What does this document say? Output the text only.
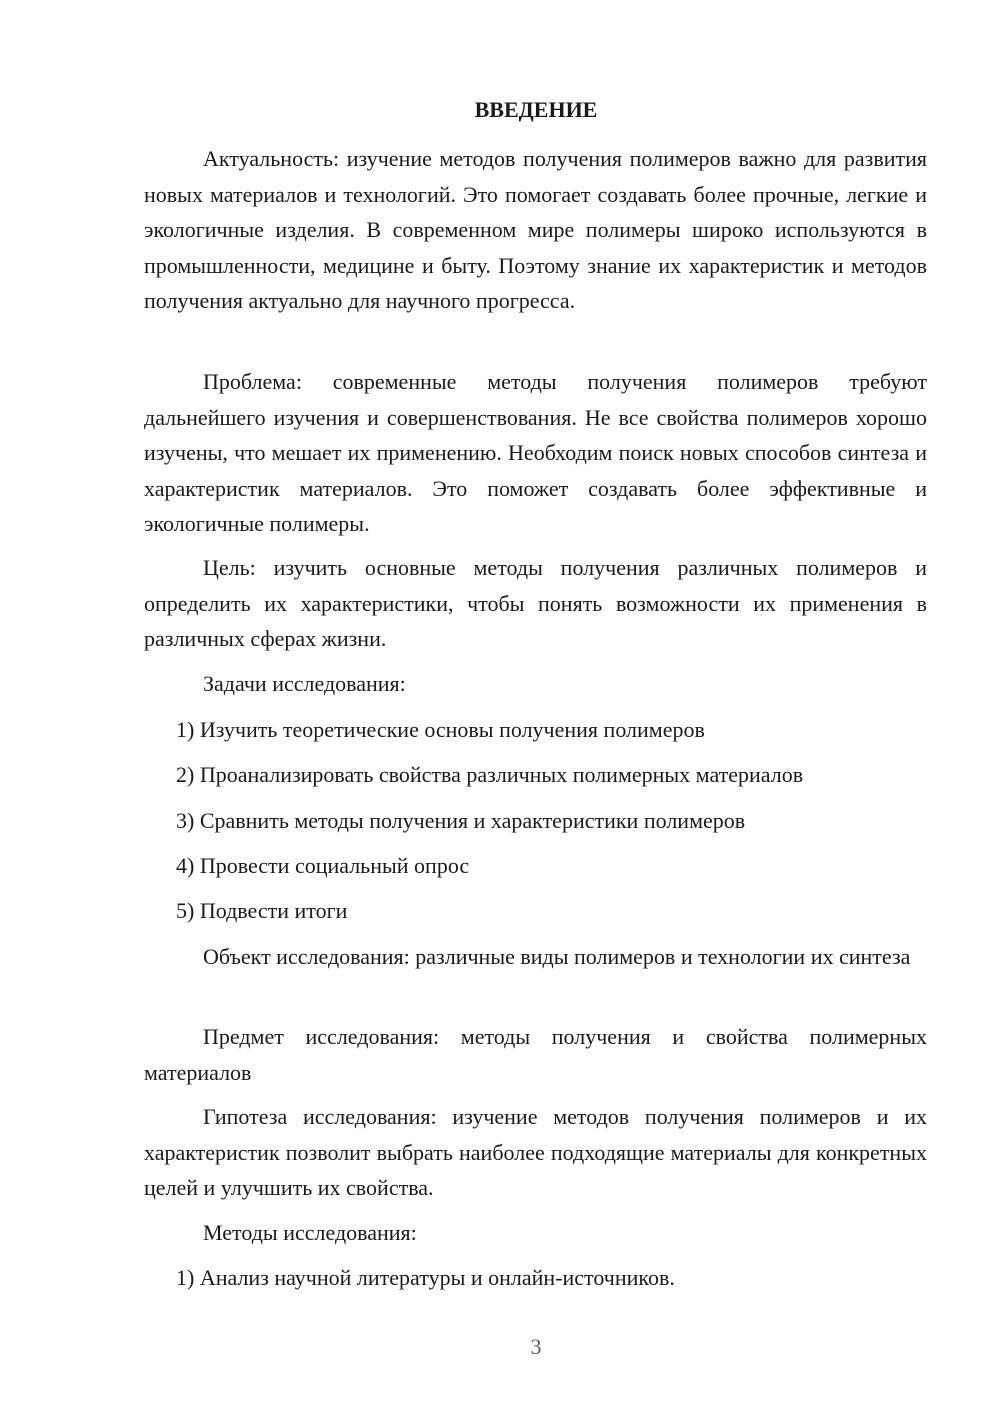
ВВЕДЕНИЕ

Актуальность: изучение методов получения полимеров важно для развития новых материалов и технологий. Это помогает создавать более прочные, легкие и экологичные изделия. В современном мире полимеры широко используются в промышленности, медицине и быту. Поэтому знание их характеристик и методов получения актуально для научного прогресса.

Проблема: современные методы получения полимеров требуют дальнейшего изучения и совершенствования. Не все свойства полимеров хорошо изучены, что мешает их применению. Необходим поиск новых способов синтеза и характеристик материалов. Это поможет создавать более эффективные и экологичные полимеры.

Цель: изучить основные методы получения различных полимеров и определить их характеристики, чтобы понять возможности их применения в различных сферах жизни.

Задачи исследования:
1) Изучить теоретические основы получения полимеров
2) Проанализировать свойства различных полимерных материалов
3) Сравнить методы получения и характеристики полимеров
4) Провести социальный опрос
5) Подвести итоги

Объект исследования: различные виды полимеров и технологии их синтеза

Предмет исследования: методы получения и свойства полимерных материалов

Гипотеза исследования: изучение методов получения полимеров и их характеристик позволит выбрать наиболее подходящие материалы для конкретных целей и улучшить их свойства.

Методы исследования:
1) Анализ научной литературы и онлайн-источников.
3
